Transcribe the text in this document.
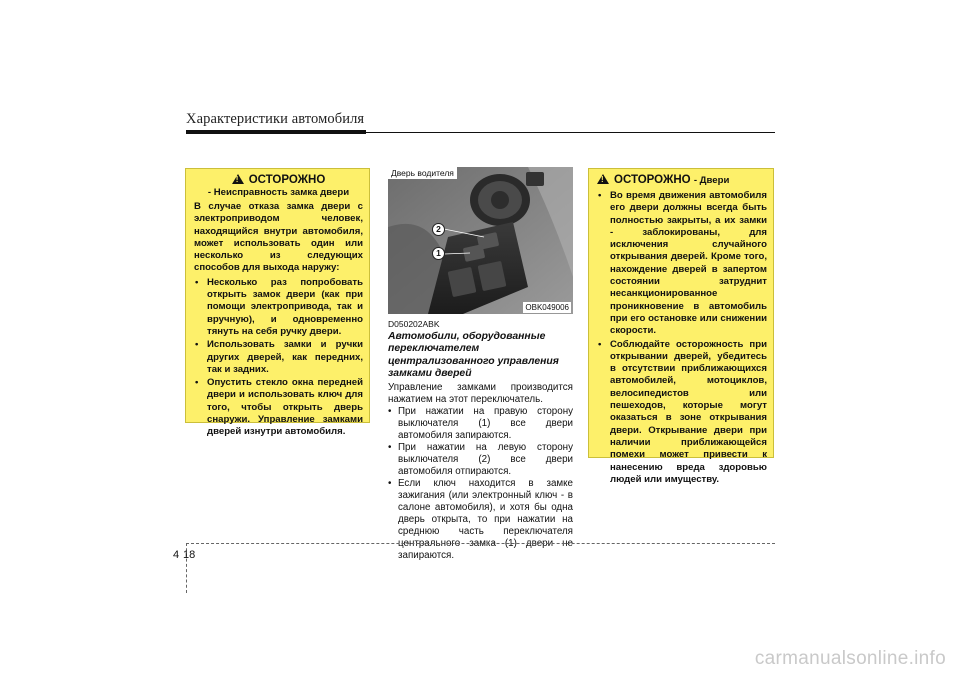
Характеристики автомобиля
!ОСТОРОЖНО
- Неисправность замка двери

В случае отказа замка двери с электроприводом человек, находящийся внутри автомобиля, может использовать один или несколько из следующих способов для выхода наружу:

• Несколько раз попробовать открыть замок двери (как при помощи электропривода, так и вручную), и одновременно тянуть на себя ручку двери.
• Использовать замки и ручки других дверей, как передних, так и задних.
• Опустить стекло окна передней двери и использовать ключ для того, чтобы открыть дверь снаружи. Управление замками дверей изнутри автомобиля.
Дверь водителя
2
1
OBK049006
D050202ABK
Автомобили, оборудованные переключателем централизованного управления замками дверей

Управление замками производится нажатием на этот переключатель.

• При нажатии на правую сторону выключателя (1) все двери автомобиля запираются.
• При нажатии на левую сторону выключателя (2) все двери автомобиля отпираются.
• Если ключ находится в замке зажигания (или электронный ключ - в салоне автомобиля), и хотя бы одна дверь открыта, то при нажатии на среднюю часть переключателя центрального замка (1) двери не запираются.
!ОСТОРОЖНО - Двери
• Во время движения автомобиля его двери должны всегда быть полностью закрыты, а их замки - заблокированы, для исключения случайного открывания дверей. Кроме того, нахождение дверей в запертом состоянии затруднит несанкционированное проникновение в автомобиль при его остановке или снижении скорости.
• Соблюдайте осторожность при открывании дверей, убедитесь в отсутствии приближающихся автомобилей, мотоциклов, велосипедистов или пешеходов, которые могут оказаться в зоне открывания двери. Открывание двери при наличии приближающейся помехи может привести к нанесению вреда здоровью людей или имуществу.
4 18
carmanualsonline.info
